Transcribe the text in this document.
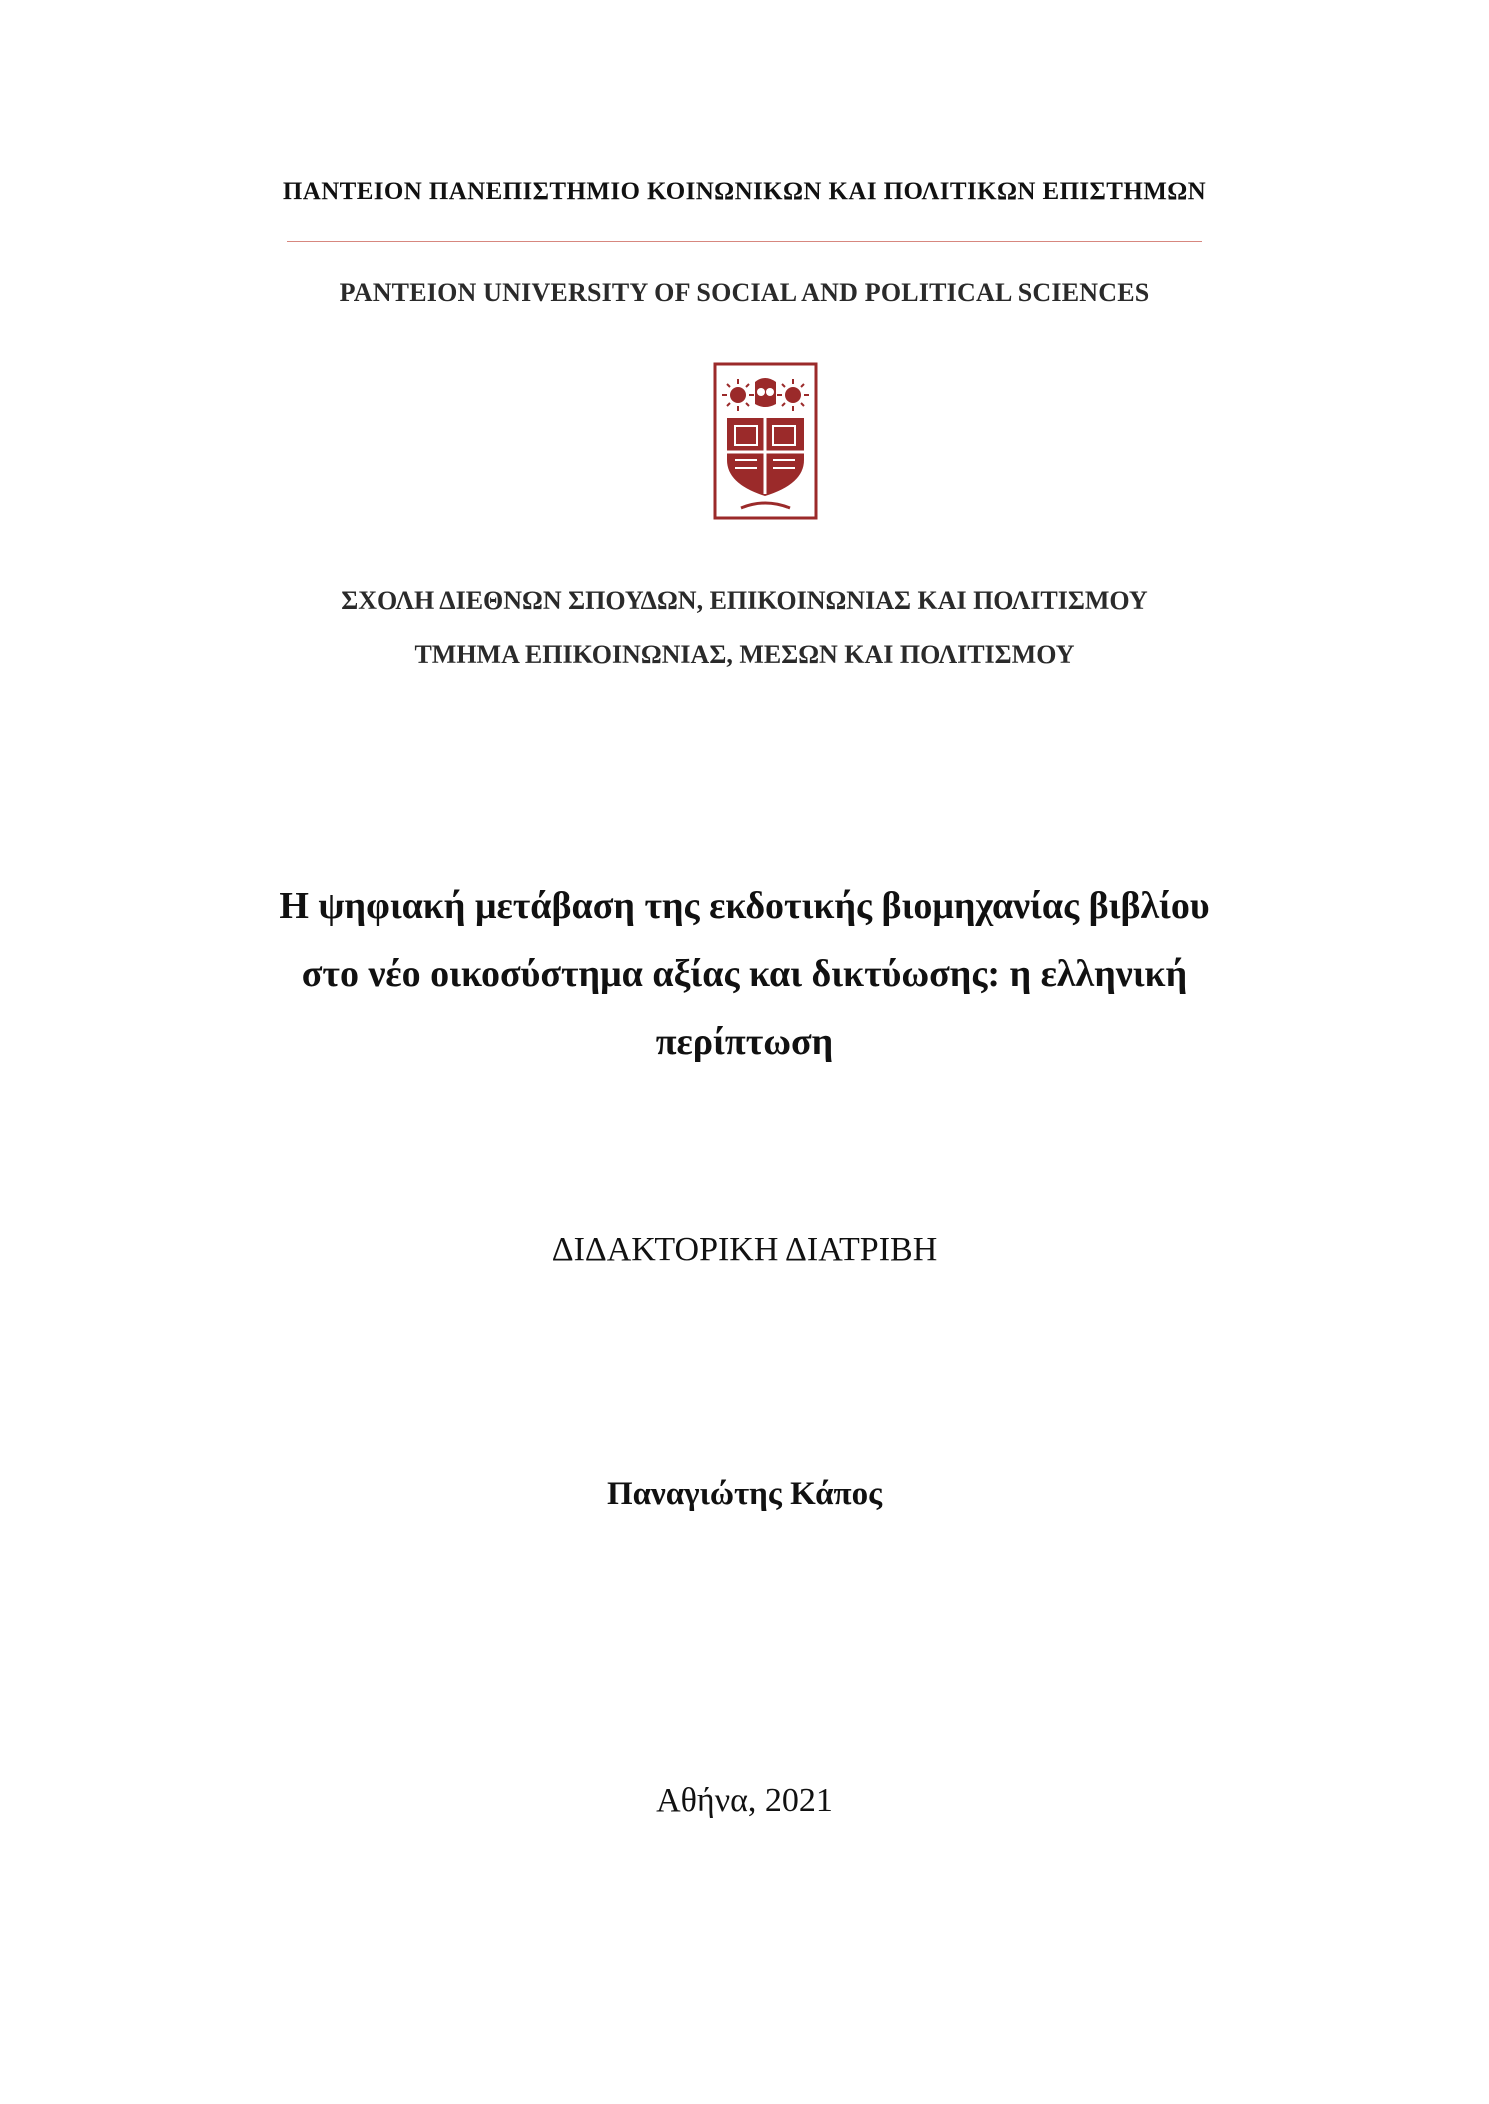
ΠΑΝΤΕΙΟΝ ΠΑΝΕΠΙΣΤΗΜΙΟ ΚΟΙΝΩΝΙΚΩΝ ΚΑΙ ΠΟΛΙΤΙΚΩΝ ΕΠΙΣΤΗΜΩΝ
PANTEION UNIVERSITY OF SOCIAL AND POLITICAL SCIENCES
ΣΧΟΛΗ ΔΙΕΘΝΩΝ ΣΠΟΥΔΩΝ, ΕΠΙΚΟΙΝΩΝΙΑΣ ΚΑΙ ΠΟΛΙΤΙΣΜΟΥ
ΤΜΗΜΑ ΕΠΙΚΟΙΝΩΝΙΑΣ, ΜΕΣΩΝ ΚΑΙ ΠΟΛΙΤΙΣΜΟΥ
Η ψηφιακή μετάβαση της εκδοτικής βιομηχανίας βιβλίου
στο νέο οικοσύστημα αξίας και δικτύωσης: η ελληνική
περίπτωση
ΔΙΔΑΚΤΟΡΙΚΗ ΔΙΑΤΡΙΒΗ
Παναγιώτης Κάπος
Αθήνα, 2021
